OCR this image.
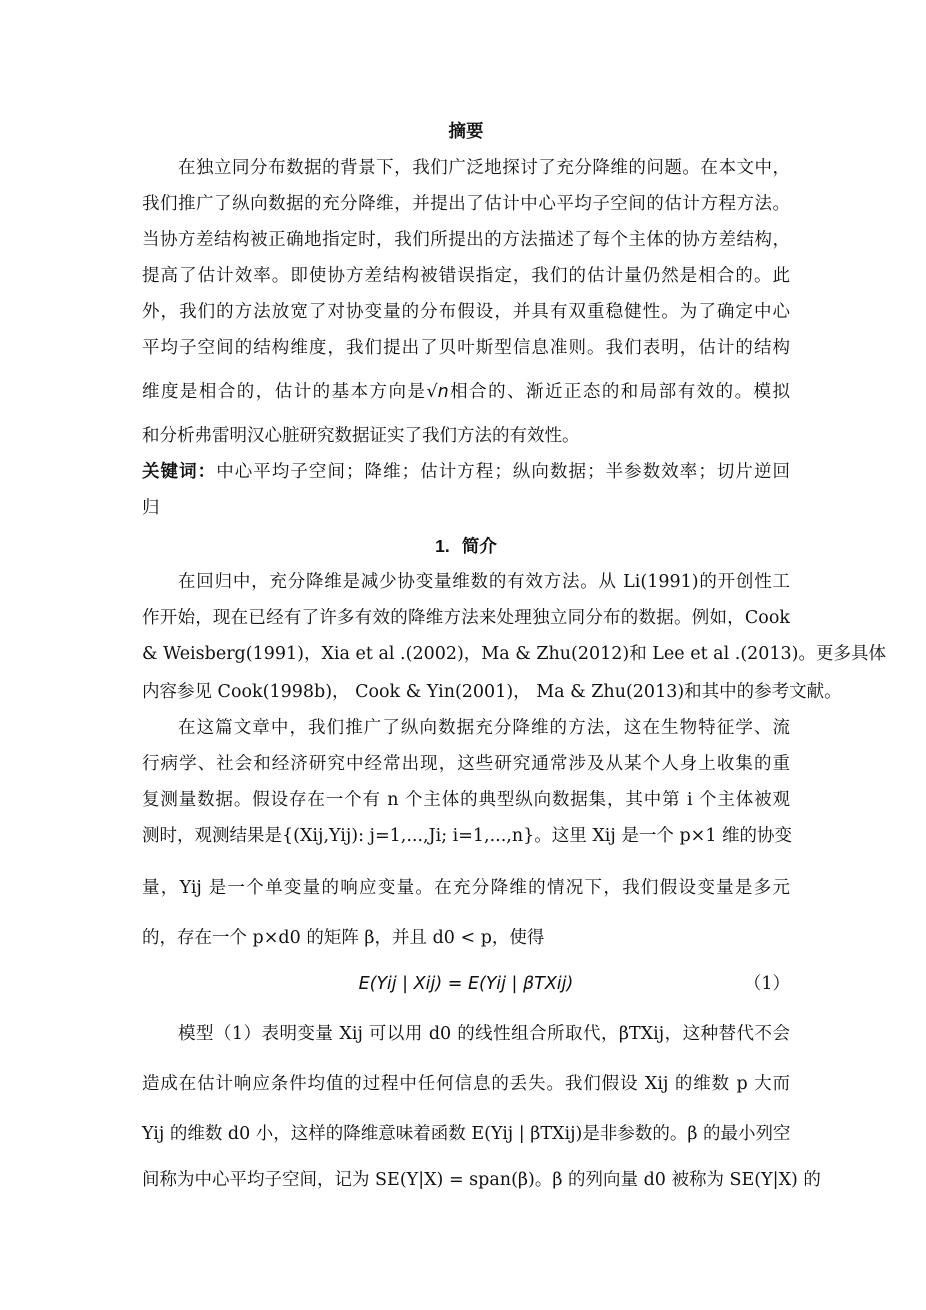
摘要
在独立同分布数据的背景下，我们广泛地探讨了充分降维的问题。在本文中，
我们推广了纵向数据的充分降维，并提出了估计中心平均子空间的估计方程方法。
当协方差结构被正确地指定时，我们所提出的方法描述了每个主体的协方差结构，
提高了估计效率。即使协方差结构被错误指定，我们的估计量仍然是相合的。此
外，我们的方法放宽了对协变量的分布假设，并具有双重稳健性。为了确定中心
平均子空间的结构维度，我们提出了贝叶斯型信息准则。我们表明，估计的结构
维度是相合的，估计的基本方向是√n相合的、渐近正态的和局部有效的。模拟
和分析弗雷明汉心脏研究数据证实了我们方法的有效性。
关键词：中心平均子空间；降维；估计方程；纵向数据；半参数效率；切片逆回
归
1. 简介
在回归中，充分降维是减少协变量维数的有效方法。从 Li(1991)的开创性工
作开始，现在已经有了许多有效的降维方法来处理独立同分布的数据。例如，Cook
& Weisberg(1991)，Xia et al .(2002)，Ma & Zhu(2012)和 Lee et al .(2013)。更多具体
内容参见 Cook(1998b)， Cook & Yin(2001)， Ma & Zhu(2013)和其中的参考文献。
在这篇文章中，我们推广了纵向数据充分降维的方法，这在生物特征学、流
行病学、社会和经济研究中经常出现，这些研究通常涉及从某个人身上收集的重
复测量数据。假设存在一个有 n 个主体的典型纵向数据集，其中第 i 个主体被观
测时，观测结果是{(Xij,Yij): j=1,...,Ji; i=1,...,n}。这里 Xij 是一个 p×1 维的协变
量，Yij 是一个单变量的响应变量。在充分降维的情况下，我们假设变量是多元
的，存在一个 p×d0 的矩阵 β，并且 d0 < p，使得
E(Yij | Xij) = E(Yij | βTXij)	（1）
模型（1）表明变量 Xij 可以用 d0 的线性组合所取代，βTXij，这种替代不会
造成在估计响应条件均值的过程中任何信息的丢失。我们假设 Xij 的维数 p 大而
Yij 的维数 d0 小，这样的降维意味着函数 E(Yij | βTXij)是非参数的。β 的最小列空
间称为中心平均子空间，记为 SE(Y|X) = span(β)。β 的列向量 d0 被称为 SE(Y|X) 的
